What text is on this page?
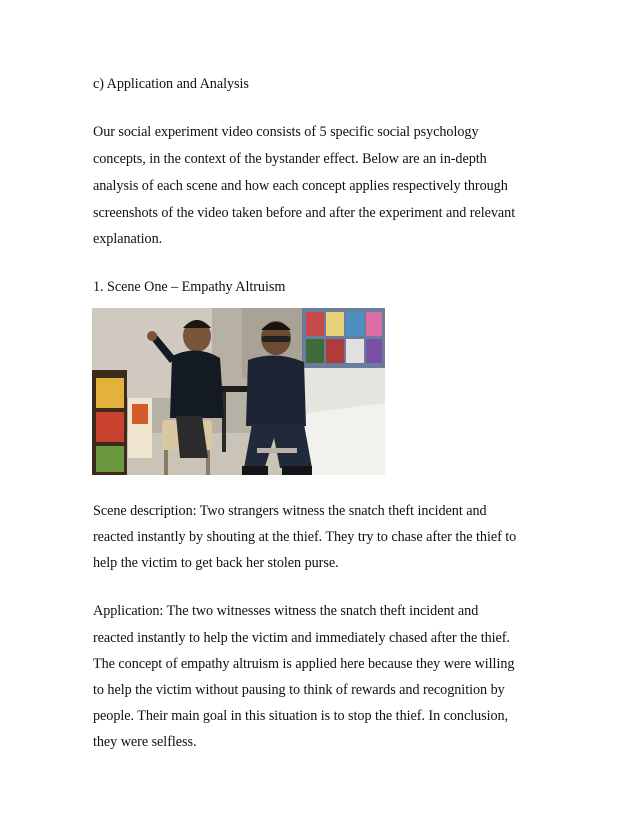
c) Application and Analysis
Our social experiment video consists of 5 specific social psychology
concepts, in the context of the bystander effect. Below are an in-depth
analysis of each scene and how each concept applies respectively through
screenshots of the video taken before and after the experiment and relevant
explanation.
1. Scene One – Empathy Altruism
Scene description: Two strangers witness the snatch theft incident and
reacted instantly by shouting at the thief. They try to chase after the thief to
help the victim to get back her stolen purse.
Application: The two witnesses witness the snatch theft incident and
reacted instantly to help the victim and immediately chased after the thief.
The concept of empathy altruism is applied here because they were willing
to help the victim without pausing to think of rewards and recognition by
people. Their main goal in this situation is to stop the thief. In conclusion,
they were selfless.
